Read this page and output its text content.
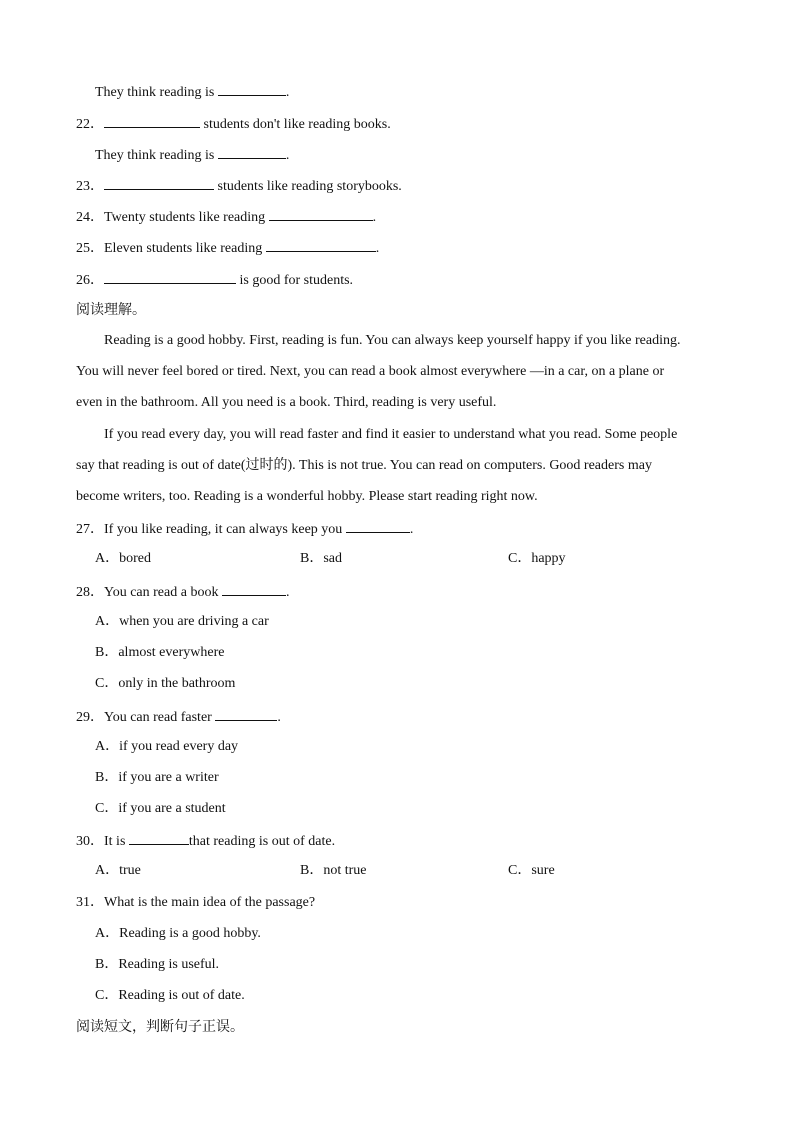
They think reading is	.
22．	students don't like reading books.
They think reading is	.
23．	students like reading storybooks.
24．Twenty students like reading	.
25．Eleven students like reading	.
26．	is good for students.
阅读理解。
Reading is a good hobby. First, reading is fun. You can always keep yourself happy if you like reading.
You will never feel bored or tired. Next, you can read a book almost everywhere —in a car, on a plane or
even in the bathroom. All you need is a book. Third, reading is very useful.
If you read every day, you will read faster and find it easier to understand what you read. Some people
say that reading is out of date(过时的). This is not true. You can read on computers. Good readers may
become writers, too. Reading is a wonderful hobby. Please start reading right now.
27．If you like reading, it can always keep you	.
A．bored	B．sad	C．happy
28．You can read a book	.
A．when you are driving a car
B．almost everywhere
C．only in the bathroom
29．You can read faster	.
A．if you read every day
B．if you are a writer
C．if you are a student
30．It is	that reading is out of date.
A．true	B．not true	C．sure
31．What is the main idea of the passage?
A．Reading is a good hobby.
B．Reading is useful.
C．Reading is out of date.
阅读短文，判断句子正误。
